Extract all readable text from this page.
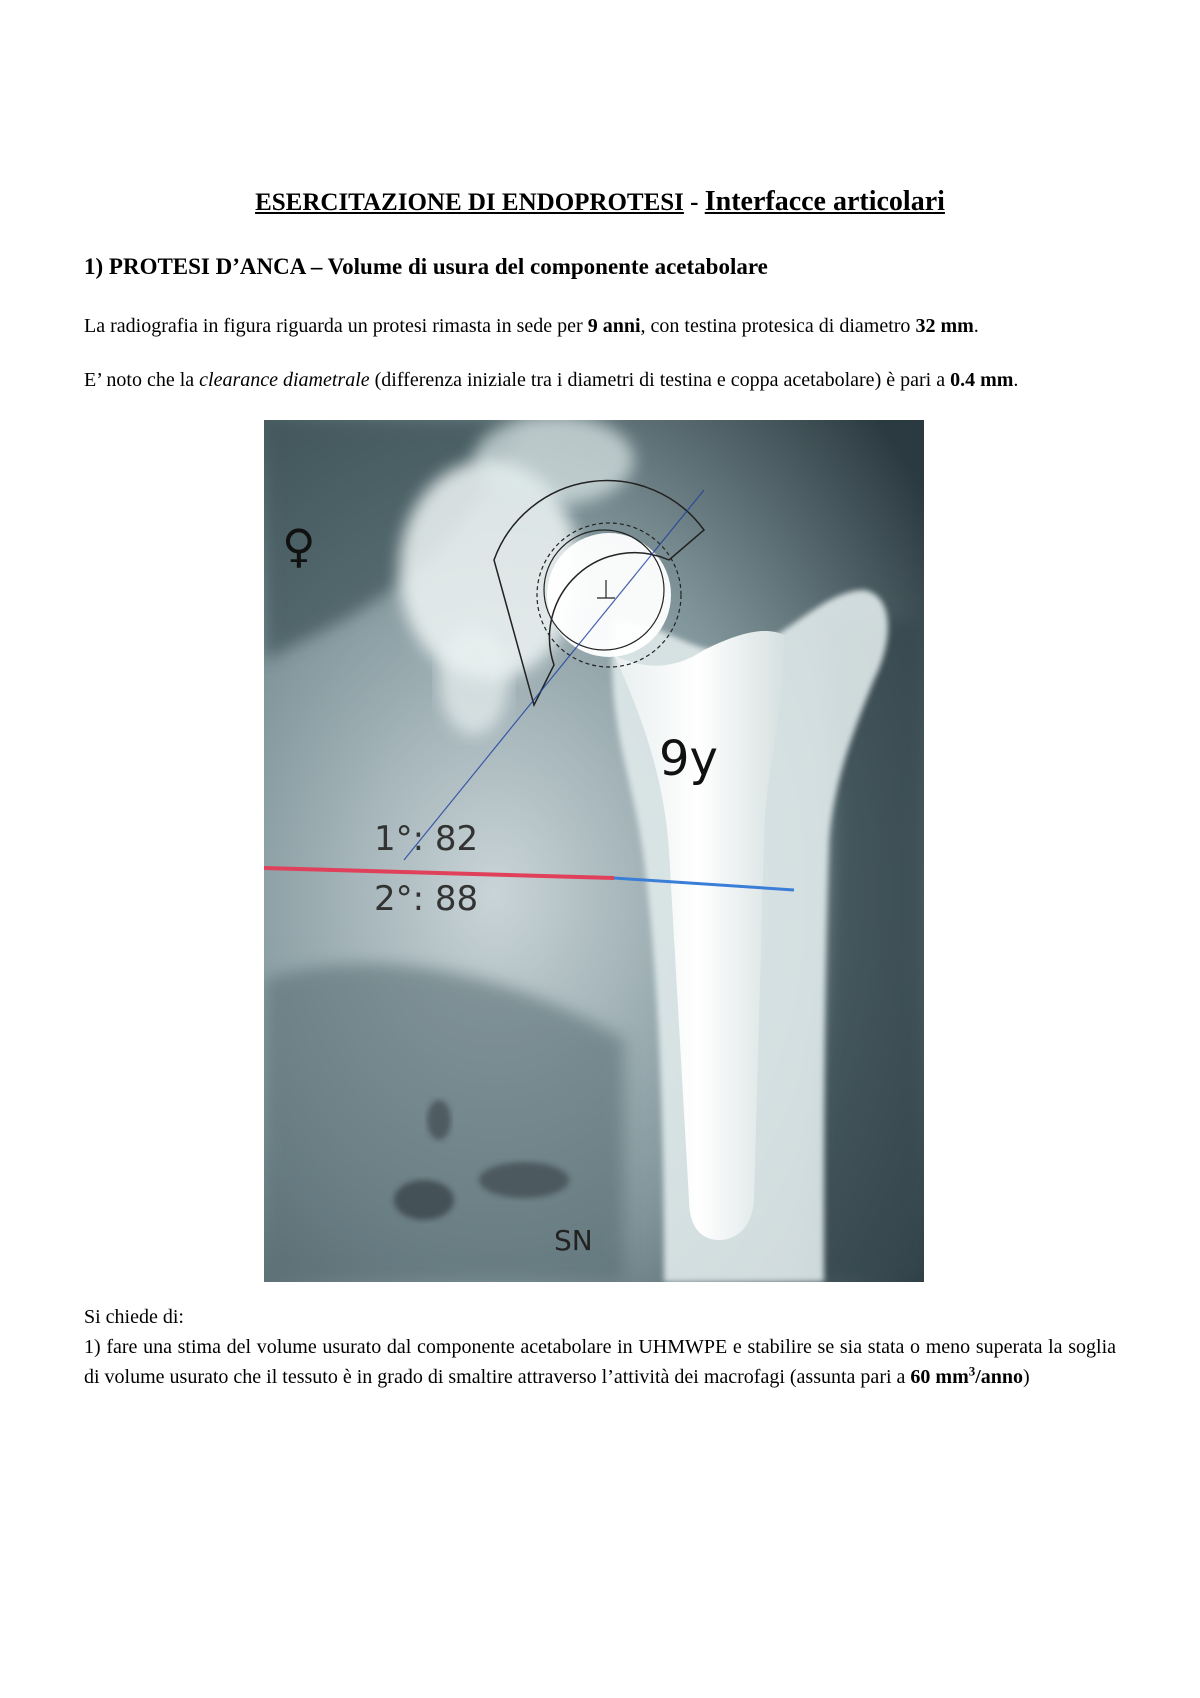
ESERCITAZIONE DI ENDOPROTESI - Interfacce articolari
1) PROTESI D’ANCA – Volume di usura del componente acetabolare
La radiografia in figura riguarda un protesi rimasta in sede per 9 anni, con testina protesica di diametro 32 mm.
E’ noto che la clearance diametrale (differenza iniziale tra i diametri di testina e coppa acetabolare) è pari a 0.4 mm.
♀
9y
1°: 82
2°: 88
SN
Si chiede di:
1) fare una stima del volume usurato dal componente acetabolare in UHMWPE e stabilire se sia stata o meno superata la soglia di volume usurato che il tessuto è in grado di smaltire attraverso l’attività dei macrofagi (assunta pari a 60 $mm^3/anno$)
